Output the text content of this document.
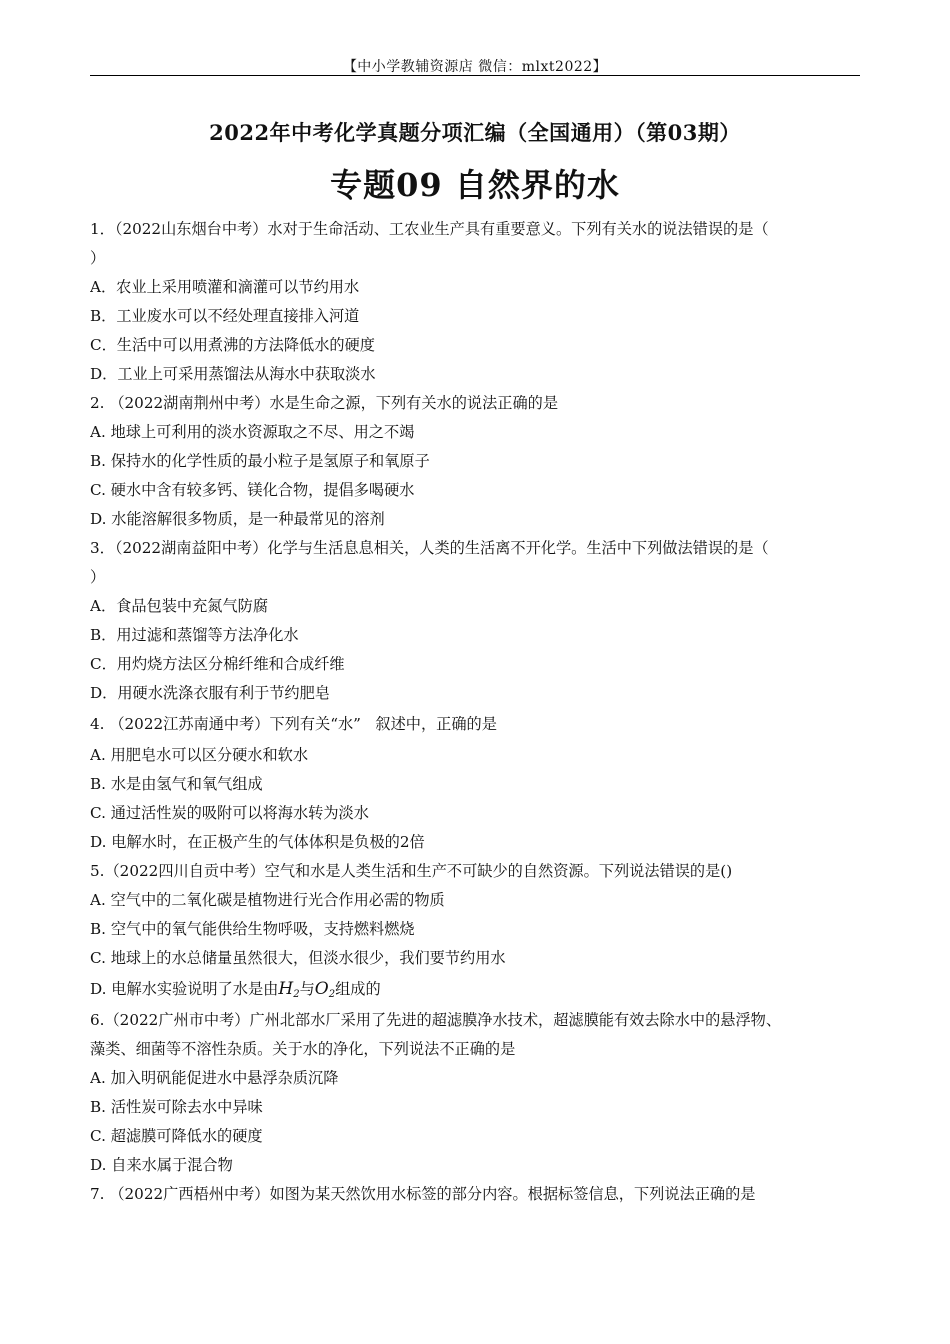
【中小学教辅资源店 微信：mlxt2022】
2022年中考化学真题分项汇编（全国通用）（第03期）
专题09 自然界的水
1．（2022山东烟台中考）水对于生命活动、工农业生产具有重要意义。下列有关水的说法错误的是（
）
A．农业上采用喷灌和滴灌可以节约用水
B．工业废水可以不经处理直接排入河道
C．生活中可以用煮沸的方法降低水的硬度
D．工业上可采用蒸馏法从海水中获取淡水
2. （2022湖南荆州中考）水是生命之源，下列有关水的说法正确的是
A. 地球上可利用的淡水资源取之不尽、用之不竭
B. 保持水的化学性质的最小粒子是氢原子和氧原子
C. 硬水中含有较多钙、镁化合物，提倡多喝硬水
D. 水能溶解很多物质，是一种最常见的溶剂
3．（2022湖南益阳中考）化学与生活息息相关，人类的生活离不开化学。生活中下列做法错误的是（
）
A．食品包装中充氮气防腐
B．用过滤和蒸馏等方法净化水
C．用灼烧方法区分棉纤维和合成纤维
D．用硬水洗涤衣服有利于节约肥皂
4. （2022江苏南通中考）下列有关“水”   叙述中，正确的是
A. 用肥皂水可以区分硬水和软水
B. 水是由氢气和氧气组成
C. 通过活性炭的吸附可以将海水转为淡水
D. 电解水时，在正极产生的气体体积是负极的2倍
5.（2022四川自贡中考）空气和水是人类生活和生产不可缺少的自然资源。下列说法错误的是()
A. 空气中的二氧化碳是植物进行光合作用必需的物质
B. 空气中的氧气能供给生物呼吸，支持燃料燃烧
C. 地球上的水总储量虽然很大，但淡水很少，我们要节约用水
D. 电解水实验说明了水是由$H_2$与$O_2$组成的
6.（2022广州市中考）广州北部水厂采用了先进的超滤膜净水技术，超滤膜能有效去除水中的悬浮物、
藻类、细菌等不溶性杂质。关于水的净化，下列说法不正确的是
A. 加入明矾能促进水中悬浮杂质沉降
B. 活性炭可除去水中异味
C. 超滤膜可降低水的硬度
D. 自来水属于混合物
7. （2022广西梧州中考）如图为某天然饮用水标签的部分内容。根据标签信息，下列说法正确的是
